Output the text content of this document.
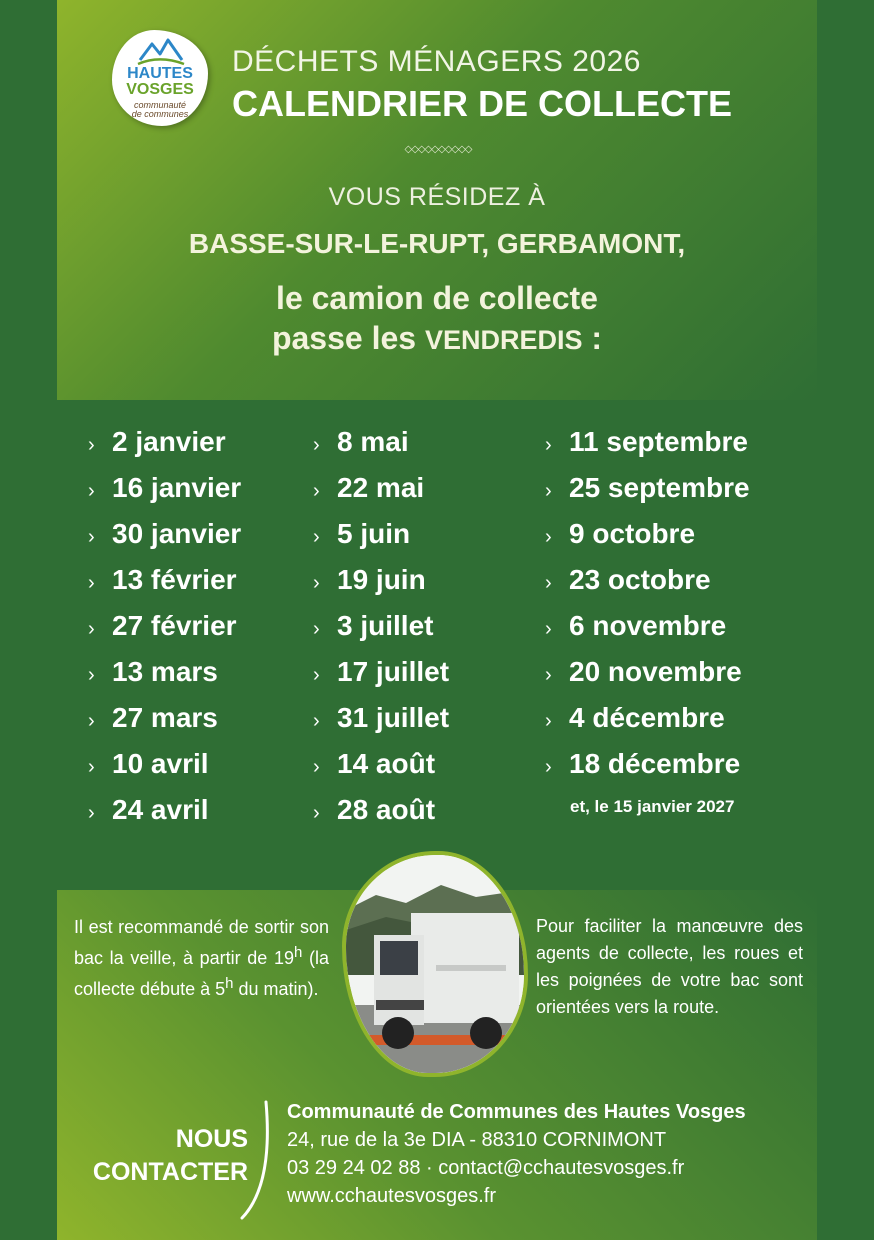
HAUTES
VOSGES
communauté
de communes
DÉCHETS MÉNAGERS 2026
CALENDRIER DE COLLECTE
◇◇◇◇◇◇◇◇◇◇
VOUS RÉSIDEZ À
BASSE-SUR-LE-RUPT, GERBAMONT,
le camion de collecte
passe les VENDREDIS :
› 2 janvier
› 16 janvier
› 30 janvier
› 13 février
› 27 février
› 13 mars
› 27 mars
› 10 avril
› 24 avril
› 8 mai
› 22 mai
› 5 juin
› 19 juin
› 3 juillet
› 17 juillet
› 31 juillet
› 14 août
› 28 août
› 11 septembre
› 25 septembre
› 9 octobre
› 23 octobre
› 6 novembre
› 20 novembre
› 4 décembre
› 18 décembre
et, le 15 janvier 2027
Il est recommandé de sortir son bac la veille, à partir de 19$^h$ (la collecte débute à 5$^h$ du matin).
Pour faciliter la manœuvre des agents de collecte, les roues et les poignées de votre bac sont orientées vers la route.
NOUS
CONTACTER
Communauté de Communes des Hautes Vosges
24, rue de la 3e DIA - 88310 CORNIMONT
03 29 24 02 88 · contact@cchautesvosges.fr
www.cchautesvosges.fr
